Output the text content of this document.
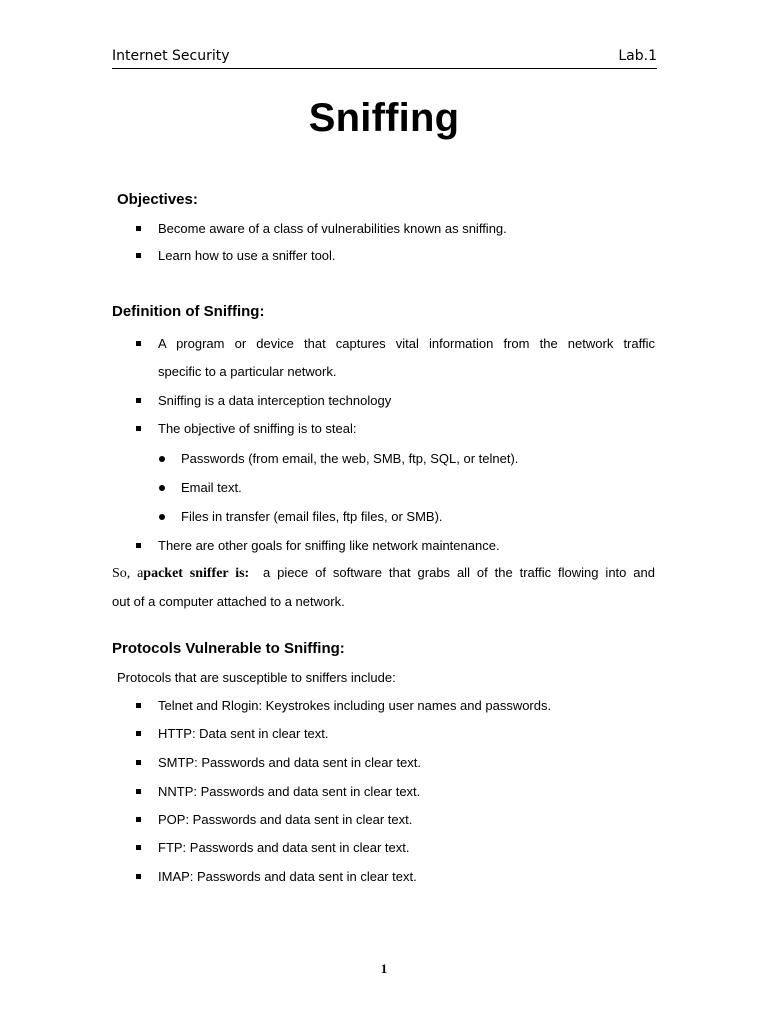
Internet Security	Lab.1
Sniffing
Objectives:
Become aware of a class of vulnerabilities known as sniffing.
Learn how to use a sniffer tool.
Definition of Sniffing:
A program or device that captures vital information from the network traffic
specific to a particular network.
Sniffing is a data interception technology
The objective of sniffing is to steal:
Passwords (from email, the web, SMB, ftp, SQL, or telnet).
Email text.
Files in transfer (email files, ftp files, or SMB).
There are other goals for sniffing like network maintenance.
So, apacket sniffer is: a piece of software that grabs all of the traffic flowing into and
out of a computer attached to a network.
Protocols Vulnerable to Sniffing:
Protocols that are susceptible to sniffers include:
Telnet and Rlogin: Keystrokes including user names and passwords.
HTTP: Data sent in clear text.
SMTP: Passwords and data sent in clear text.
NNTP: Passwords and data sent in clear text.
POP: Passwords and data sent in clear text.
FTP: Passwords and data sent in clear text.
IMAP: Passwords and data sent in clear text.
1
